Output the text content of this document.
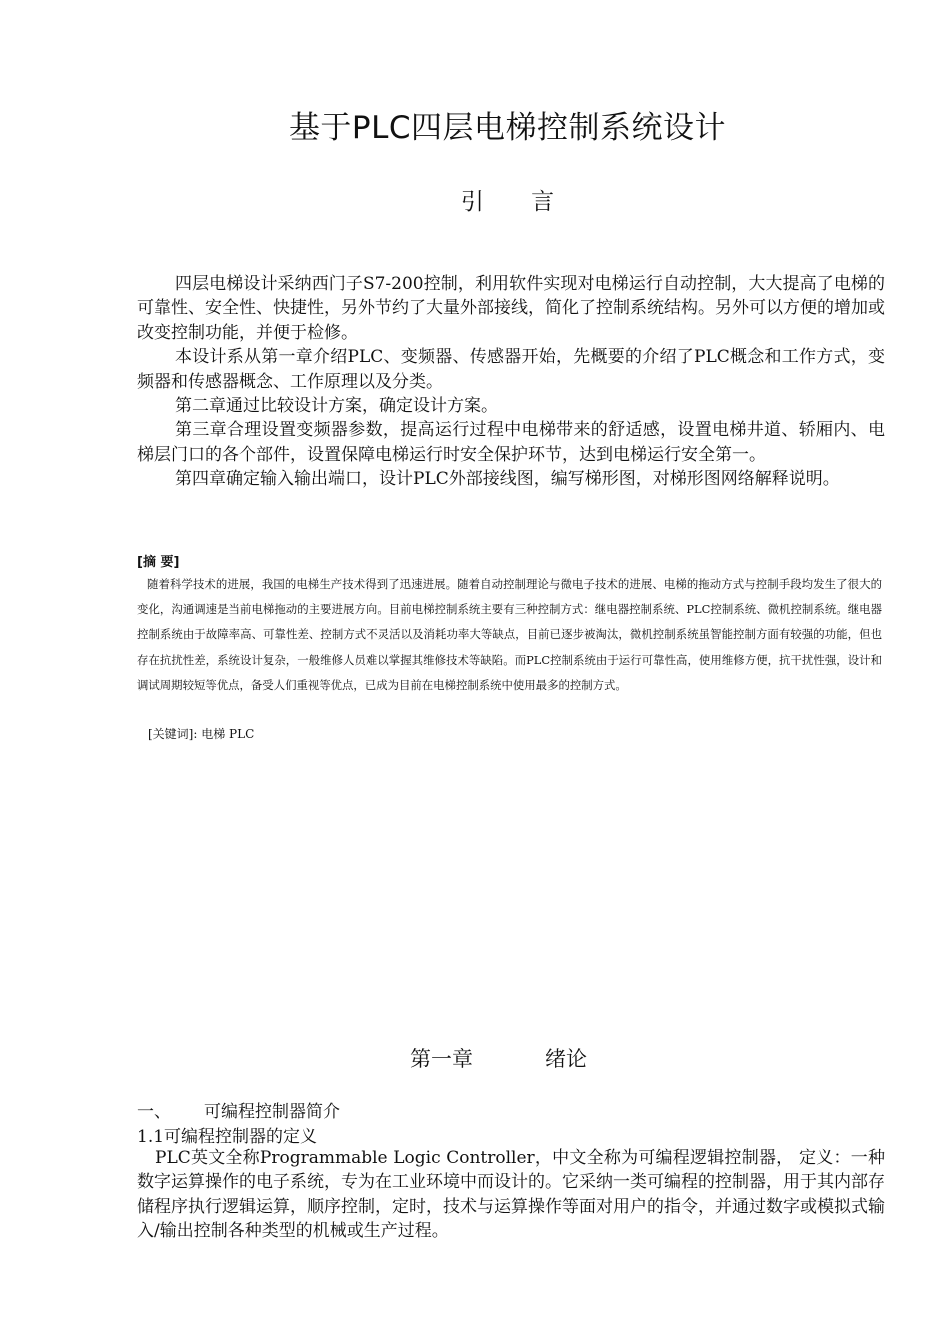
基于PLC四层电梯控制系统设计
引 言

四层电梯设计采纳西门子S7-200控制，利用软件实现对电梯运行自动控制，大大提高了电梯的可靠性、安全性、快捷性，另外节约了大量外部接线，简化了控制系统结构。另外可以方便的增加或改变控制功能，并便于检修。

本设计系从第一章介绍PLC、变频器、传感器开始，先概要的介绍了PLC概念和工作方式，变频器和传感器概念、工作原理以及分类。

第二章通过比较设计方案，确定设计方案。

第三章合理设置变频器参数，提高运行过程中电梯带来的舒适感，设置电梯井道、轿厢内、电梯层门口的各个部件，设置保障电梯运行时安全保护环节，达到电梯运行安全第一。

第四章确定输入输出端口，设计PLC外部接线图，编写梯形图，对梯形图网络解释说明。

[摘 要]
随着科学技术的进展，我国的电梯生产技术得到了迅速进展。随着自动控制理论与微电子技术的进展、电梯的拖动方式与控制手段均发生了很大的变化，沟通调速是当前电梯拖动的主要进展方向。目前电梯控制系统主要有三种控制方式：继电器控制系统、PLC控制系统、微机控制系统。继电器控制系统由于故障率高、可靠性差、控制方式不灵活以及消耗功率大等缺点，目前已逐步被淘汰，微机控制系统虽智能控制方面有较强的功能，但也存在抗扰性差，系统设计复杂，一般维修人员难以掌握其维修技术等缺陷。而PLC控制系统由于运行可靠性高，使用维修方便，抗干扰性强，设计和调试周期较短等优点，备受人们重视等优点，已成为目前在电梯控制系统中使用最多的控制方式。
[关键词]: 电梯 PLC
第一章	绪论
一、 可编程控制器简介
1.1可编程控制器的定义

PLC英文全称Programmable Logic Controller，中文全称为可编程逻辑控制器， 定义：一种数字运算操作的电子系统，专为在工业环境中而设计的。它采纳一类可编程的控制器，用于其内部存储程序执行逻辑运算，顺序控制，定时，技术与运算操作等面对用户的指令，并通过数字或模拟式输入/输出控制各种类型的机械或生产过程。
